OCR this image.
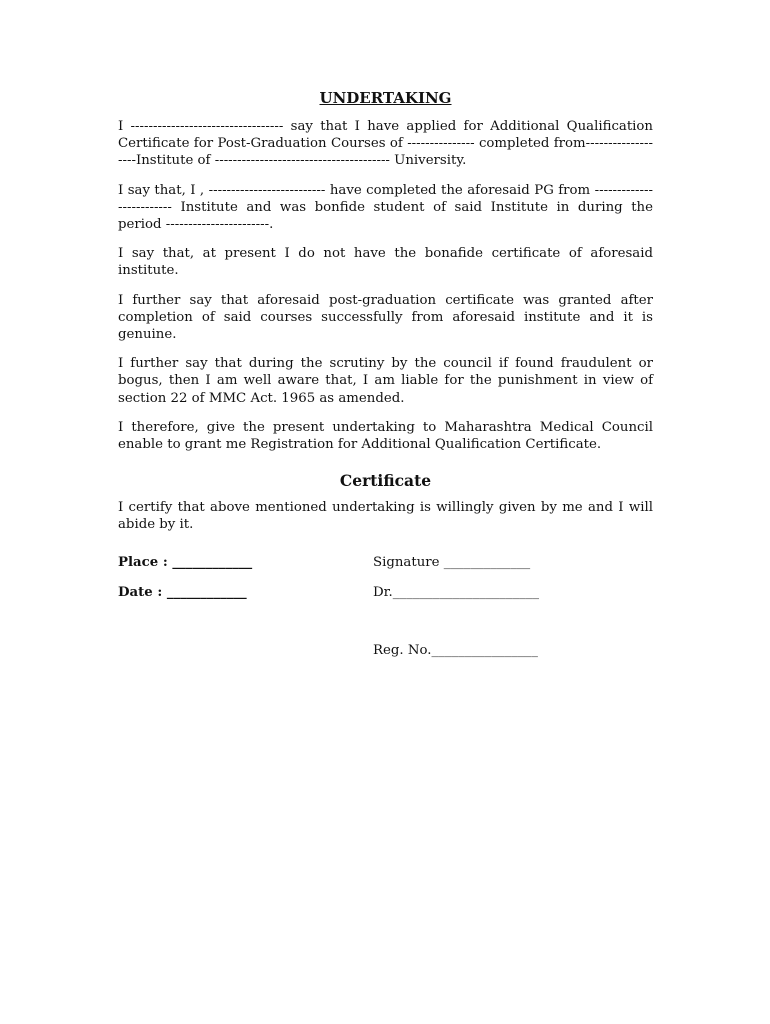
UNDERTAKING

I ---------------------------------- say that I have applied for Additional Qualification Certificate for Post-Graduation Courses of --------------- completed from-------------------Institute of --------------------------------------- University.

I say that, I , -------------------------- have completed the aforesaid PG from ------------------------- Institute and was bonfide student of said Institute in during the period -----------------------.

I say that, at present I do not have the bonafide certificate of aforesaid institute.

I further say that aforesaid post-graduation certificate was granted after completion of said courses successfully from aforesaid institute and it is genuine.

I further say that during the scrutiny by the council if found fraudulent or bogus, then I am well aware that, I am liable for the punishment in view of section 22 of MMC Act. 1965 as amended.

I therefore, give the present undertaking to Maharashtra Medical Council enable to grant me Registration for Additional Qualification Certificate.

Certificate

I certify that above mentioned undertaking is willingly given by me and I will abide by it.

Place : ____________	Signature _____________
Date : ____________	Dr.______________________
Reg. No.________________
